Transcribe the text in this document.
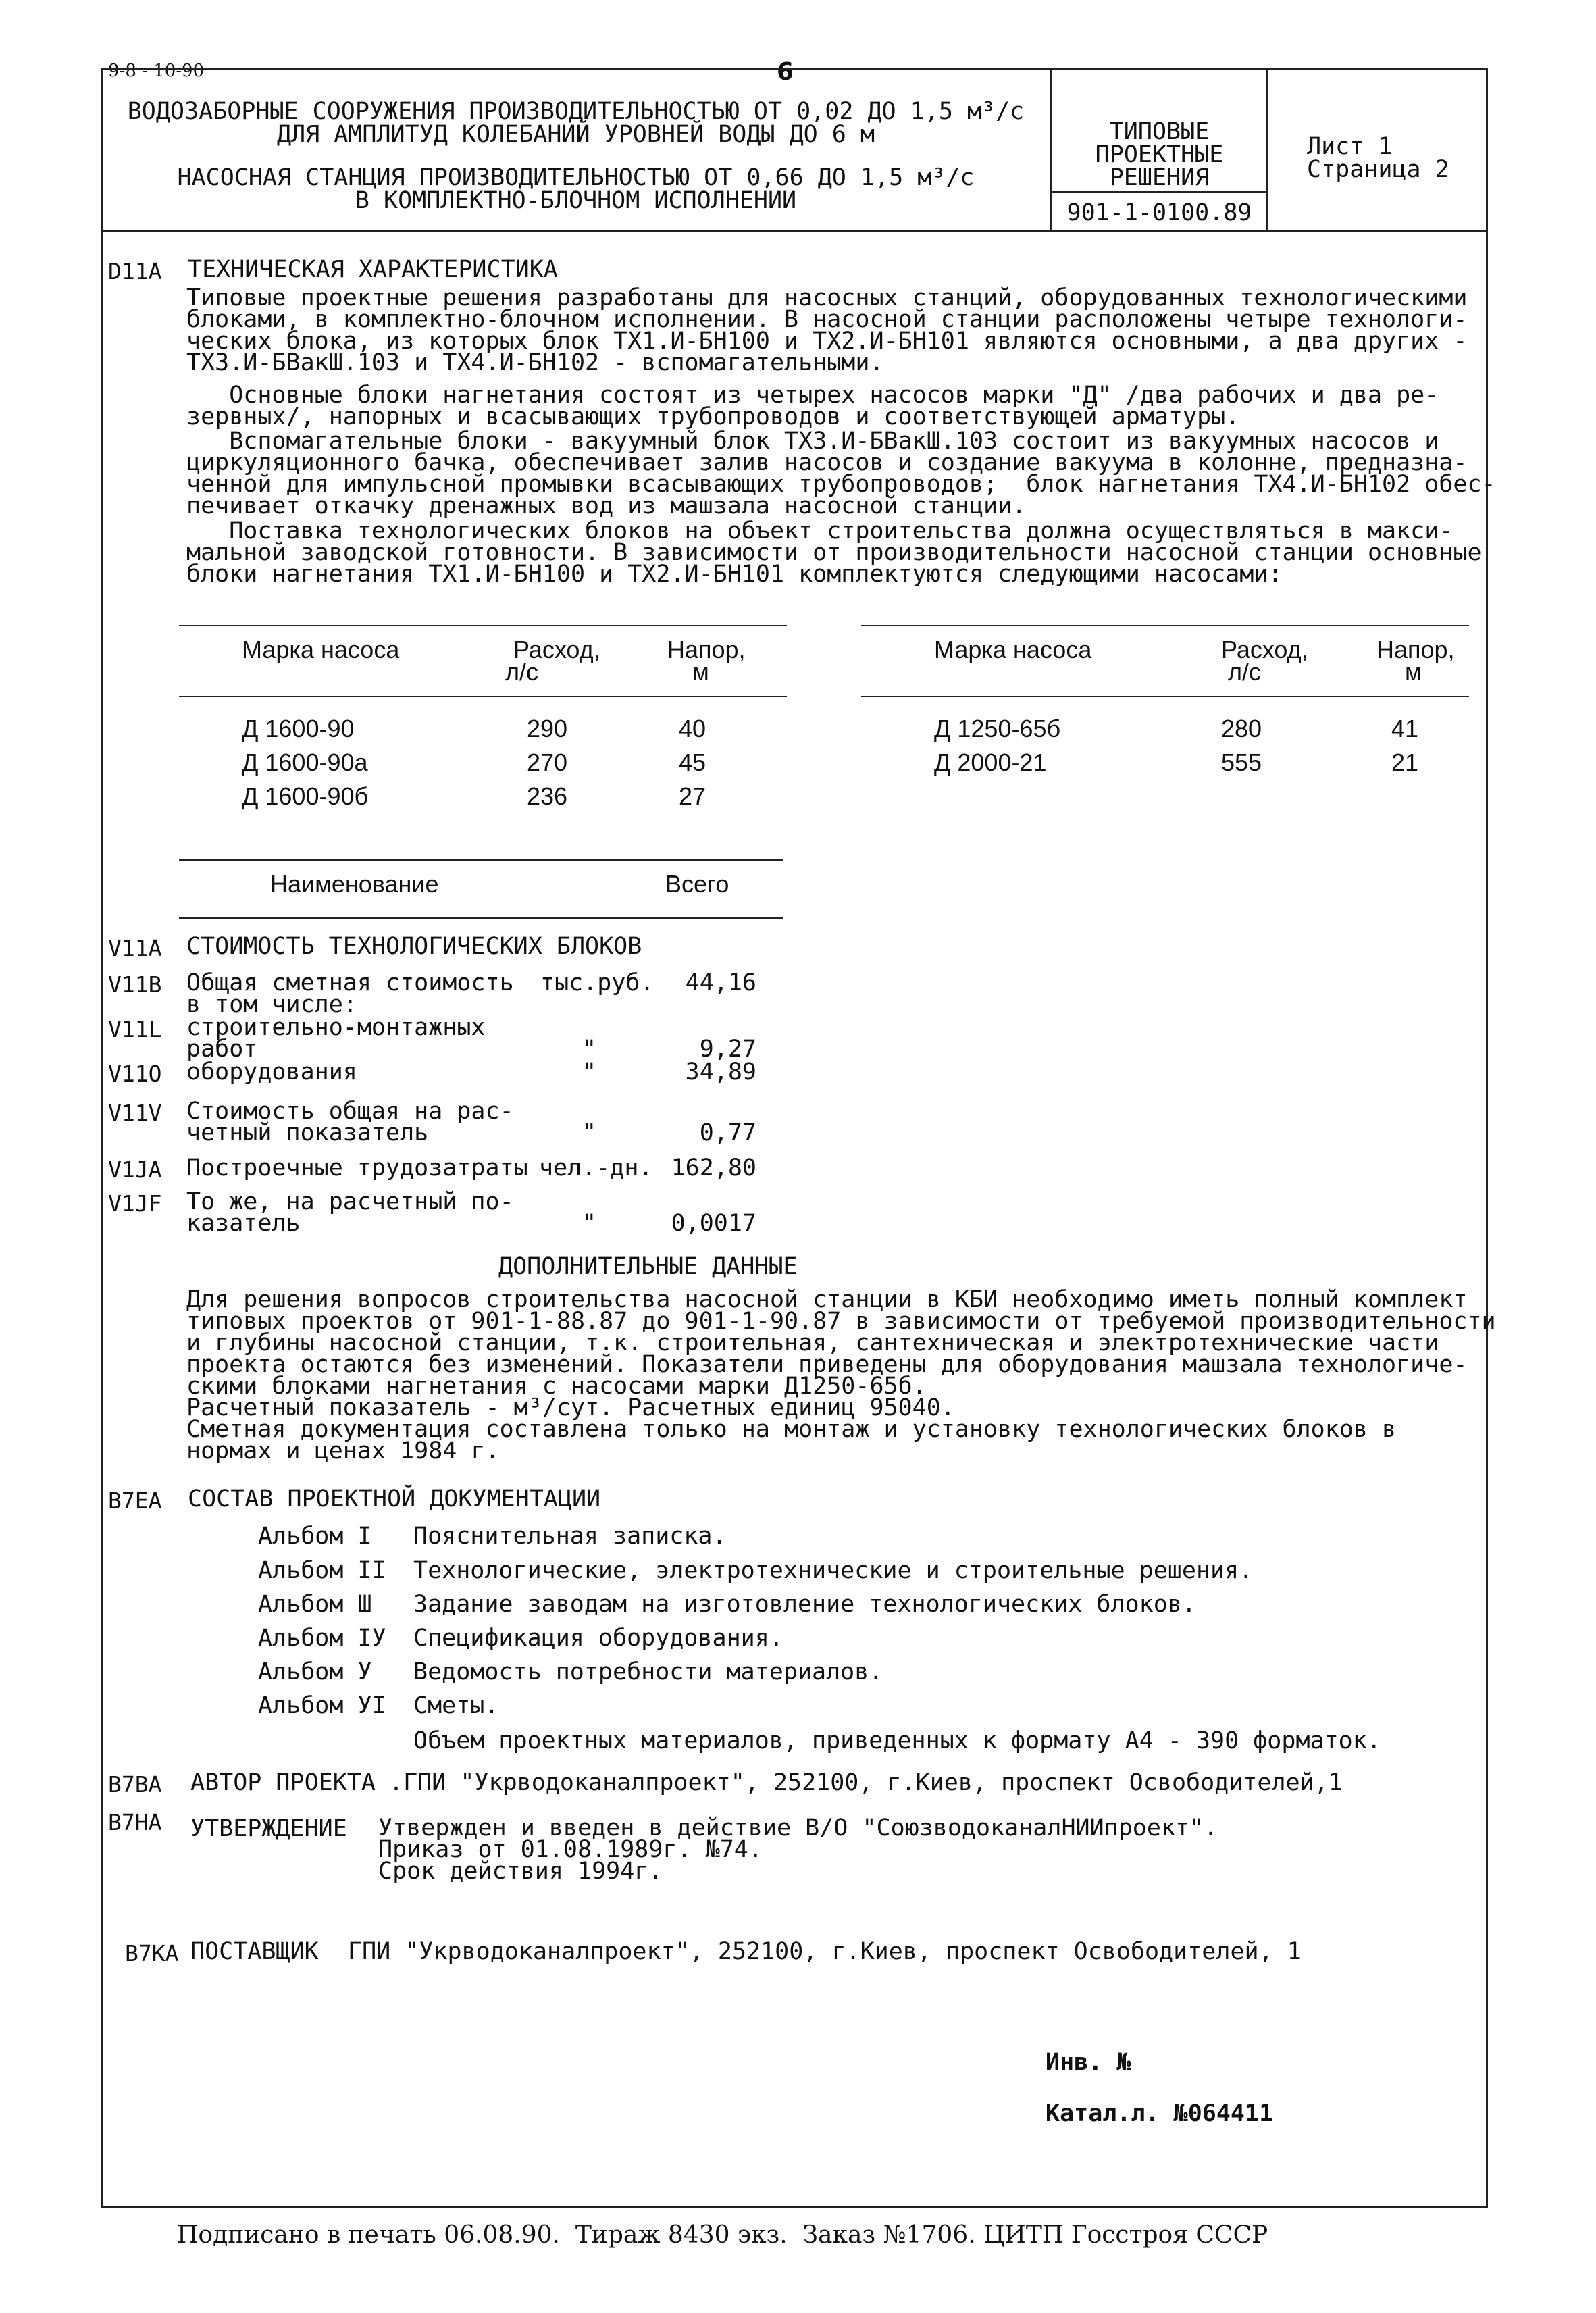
9-8 - 10-90	6
ВОДОЗАБОРНЫЕ СООРУЖЕНИЯ ПРОИЗВОДИТЕЛЬНОСТЬЮ ОТ 0,02 ДО 1,5 м³/с
ДЛЯ АМПЛИТУД КОЛЕБАНИЙ УРОВНЕЙ ВОДЫ ДО 6 м
НАСОСНАЯ СТАНЦИЯ ПРОИЗВОДИТЕЛЬНОСТЬЮ ОТ 0,66 ДО 1,5 м³/с
В КОМПЛЕКТНО-БЛОЧНОМ ИСПОЛНЕНИИ
ТИПОВЫЕ
ПРОЕКТНЫЕ
РЕШЕНИЯ
901-1-0100.89
Лист 1
Страница 2
D11A ТЕХНИЧЕСКАЯ ХАРАКТЕРИСТИКА
Типовые проектные решения разработаны для насосных станций, оборудованных технологическими
блоками, в комплектно-блочном исполнении. В насосной станции расположены четыре технологи-
ческих блока, из которых блок ТХ1.И-БН100 и ТХ2.И-БН101 являются основными, а два других -
ТХ3.И-БВакШ.103 и ТХ4.И-БН102 - вспомагательными.
Основные блоки нагнетания состоят из четырех насосов марки "Д" /два рабочих и два ре-
зервных/, напорных и всасывающих трубопроводов и соответствующей арматуры.
Вспомагательные блоки - вакуумный блок ТХ3.И-БВакШ.103 состоит из вакуумных насосов и
циркуляционного бачка, обеспечивает залив насосов и создание вакуума в колонне, предназна-
ченной для импульсной промывки всасывающих трубопроводов;  блок нагнетания ТХ4.И-БН102 обес-
печивает откачку дренажных вод из машзала насосной станции.
Поставка технологических блоков на объект строительства должна осуществляться в макси-
мальной заводской готовности. В зависимости от производительности насосной станции основные
блоки нагнетания ТХ1.И-БН100 и ТХ2.И-БН101 комплектуются следующими насосами:
Марка насоса	Расход,
л/с
Напор,
м
Д 1600-90	290	40
Д 1600-90а	270	45
Д 1600-90б	236	27
Марка насоса	Расход,
л/с
Напор,
м
Д 1250-65б	280	41
Д 2000-21	555	21
Наименование	Всего
V11A СТОИМОСТЬ ТЕХНОЛОГИЧЕСКИХ БЛОКОВ
V11B Общая сметная стоимость
в том числе:
тыс.руб.	44,16
V11L строительно-монтажных
работ	"	9,27
V11O оборудования	"	34,89
V11V Стоимость общая на рас-
четный показатель	"	0,77
V1JA Построечные трудозатраты чел.-дн. 162,80
V1JF То же, на расчетный по-
казатель	"	0,0017
ДОПОЛНИТЕЛЬНЫЕ ДАННЫЕ
Для решения вопросов строительства насосной станции в КБИ необходимо иметь полный комплект
типовых проектов от 901-1-88.87 до 901-1-90.87 в зависимости от требуемой производительности
и глубины насосной станции, т.к. строительная, сантехническая и электротехнические части
проекта остаются без изменений. Показатели приведены для оборудования машзала технологиче-
скими блоками нагнетания с насосами марки Д1250-65б.
Расчетный показатель - м³/сут. Расчетных единиц 95040.
Сметная документация составлена только на монтаж и установку технологических блоков в
нормах и ценах 1984 г.
B7EA СОСТАВ ПРОЕКТНОЙ ДОКУМЕНТАЦИИ
Альбом I Пояснительная записка.
Альбом II Технологические, электротехнические и строительные решения.
Альбом Ш Задание заводам на изготовление технологических блоков.
Альбом IУ Спецификация оборудования.
Альбом У Ведомость потребности материалов.
Альбом УI Сметы.
Объем проектных материалов, приведенных к формату А4 - 390 форматок.
B7BA АВТОР ПРОЕКТА .ГПИ "Укрводоканалпроект", 252100, г.Киев, проспект Освободителей,1
B7HA УТВЕРЖДЕНИЕ Утвержден и введен в действие В/О "СоюзводоканалНИИпроект".
Приказ от 01.08.1989г. №74.
Срок действия 1994г.
B7KA ПОСТАВЩИК ГПИ "Укрводоканалпроект", 252100, г.Киев, проспект Освободителей, 1
Инв. №
Катал.л. №064411
Подписано в печать 06.08.90.  Тираж 8430 экз.  Заказ №1706. ЦИТП Госстроя СССР
